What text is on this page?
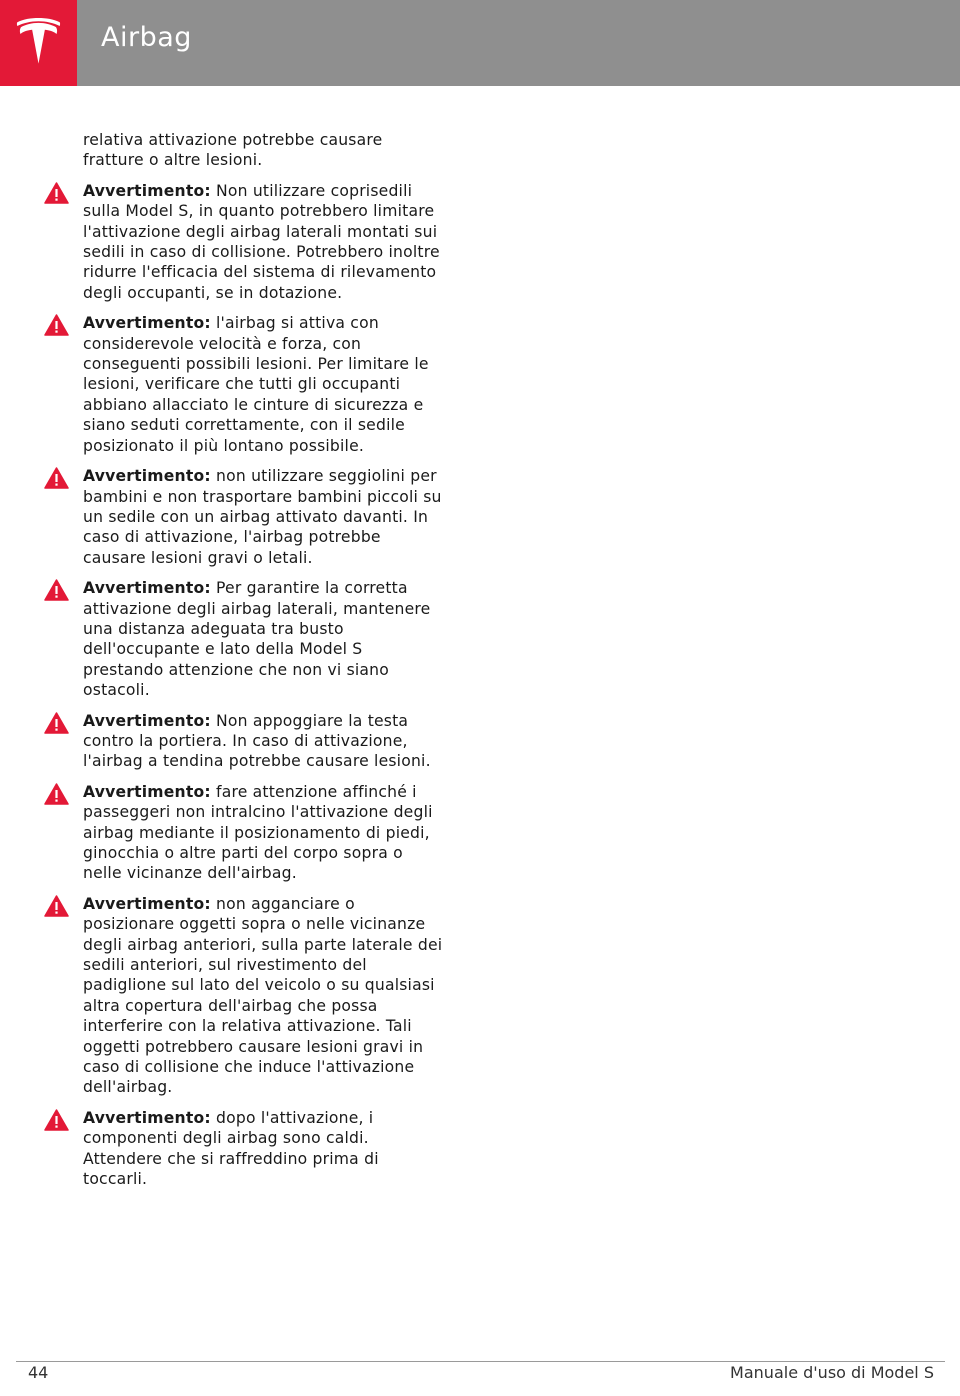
Airbag
relativa attivazione potrebbe causare fratture o altre lesioni.
Avvertimento: Non utilizzare coprisedili sulla Model S, in quanto potrebbero limitare l'attivazione degli airbag laterali montati sui sedili in caso di collisione. Potrebbero inoltre ridurre l'efficacia del sistema di rilevamento degli occupanti, se in dotazione.
Avvertimento: l'airbag si attiva con considerevole velocità e forza, con conseguenti possibili lesioni. Per limitare le lesioni, verificare che tutti gli occupanti abbiano allacciato le cinture di sicurezza e siano seduti correttamente, con il sedile posizionato il più lontano possibile.
Avvertimento: non utilizzare seggiolini per bambini e non trasportare bambini piccoli su un sedile con un airbag attivato davanti. In caso di attivazione, l'airbag potrebbe causare lesioni gravi o letali.
Avvertimento: Per garantire la corretta attivazione degli airbag laterali, mantenere una distanza adeguata tra busto dell'occupante e lato della Model S prestando attenzione che non vi siano ostacoli.
Avvertimento: Non appoggiare la testa contro la portiera. In caso di attivazione, l'airbag a tendina potrebbe causare lesioni.
Avvertimento: fare attenzione affinché i passeggeri non intralcino l'attivazione degli airbag mediante il posizionamento di piedi, ginocchia o altre parti del corpo sopra o nelle vicinanze dell'airbag.
Avvertimento: non agganciare o posizionare oggetti sopra o nelle vicinanze degli airbag anteriori, sulla parte laterale dei sedili anteriori, sul rivestimento del padiglione sul lato del veicolo o su qualsiasi altra copertura dell'airbag che possa interferire con la relativa attivazione. Tali oggetti potrebbero causare lesioni gravi in caso di collisione che induce l'attivazione dell'airbag.
Avvertimento: dopo l'attivazione, i componenti degli airbag sono caldi. Attendere che si raffreddino prima di toccarli.
44	Manuale d'uso di Model S
